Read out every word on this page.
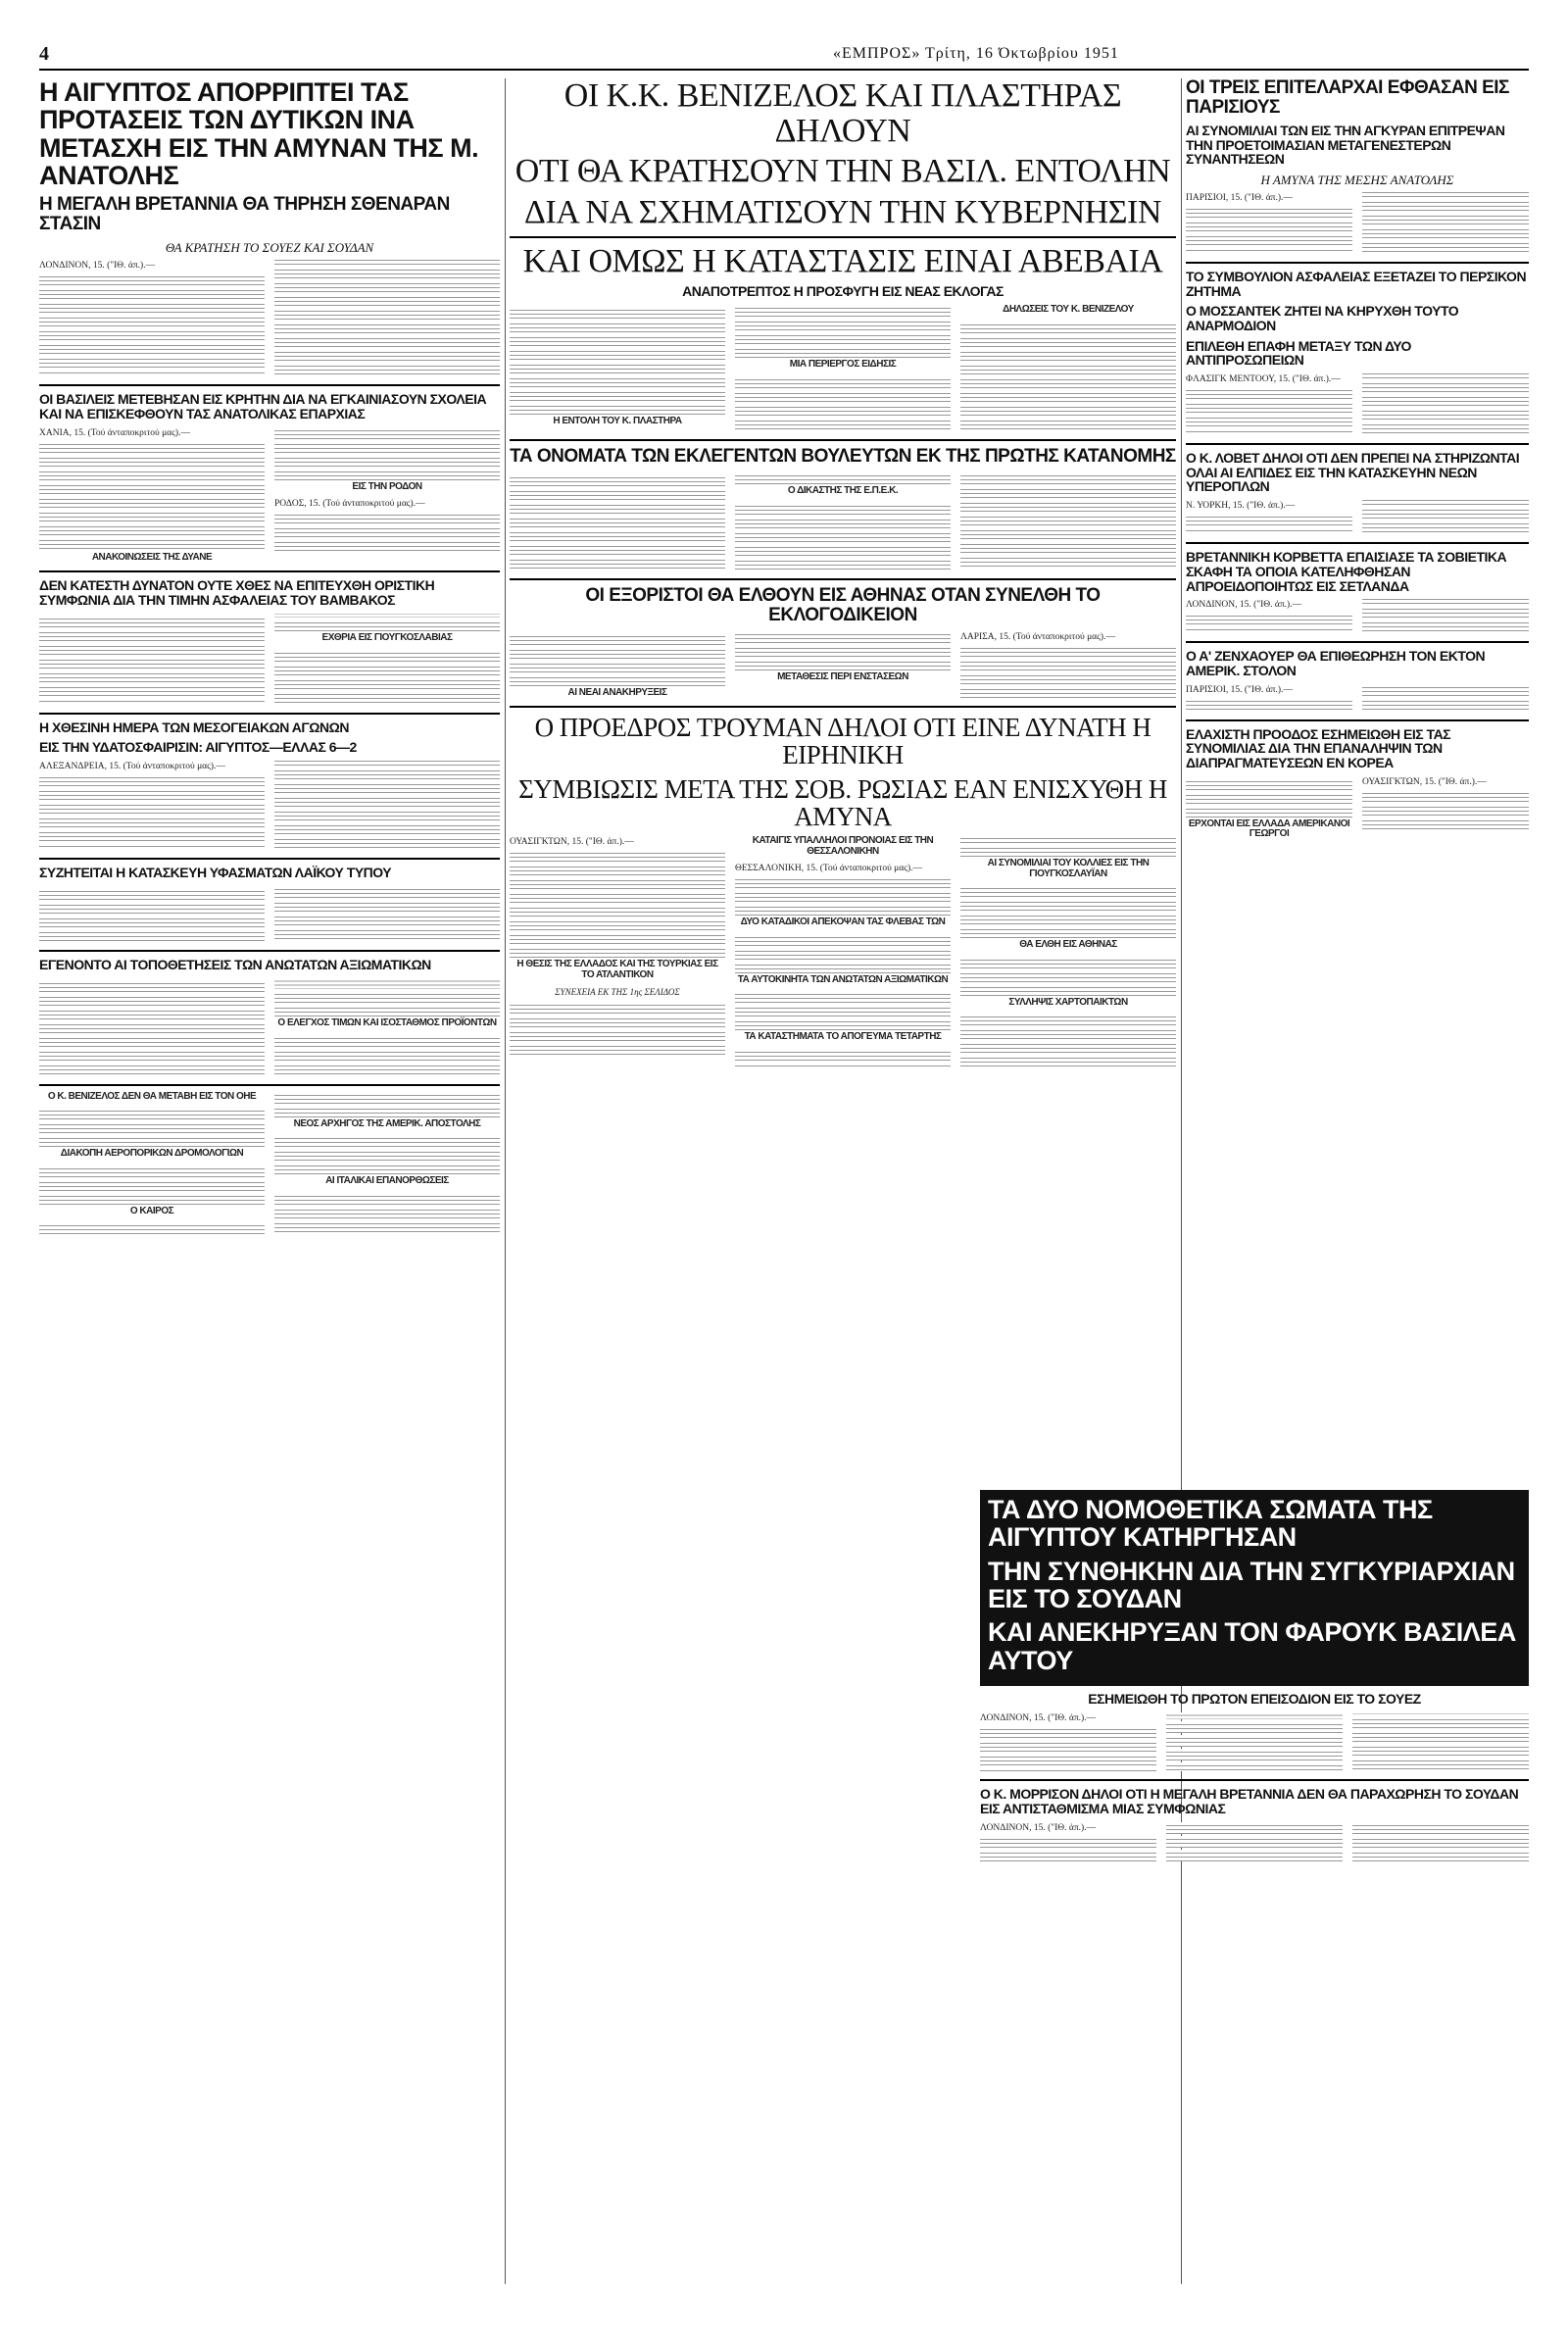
4	«ΕΜΠΡΟΣ» Τρίτη, 16 Όκτωβρίου 1951
Η ΑΙΓΥΠΤΟΣ ΑΠΟΡΡΙΠΤΕΙ ΤΑΣ ΠΡΟΤΑΣΕΙΣ ΤΩΝ ΔΥΤΙΚΩΝ ΙΝΑ ΜΕΤΑΣΧΗ ΕΙΣ ΤΗΝ ΑΜΥΝΑΝ ΤΗΣ Μ. ΑΝΑΤΟΛΗΣ
Η ΜΕΓΑΛΗ ΒΡΕΤΑΝΝΙΑ ΘΑ ΤΗΡΗΣΗ ΣΘΕΝΑΡΑΝ ΣΤΑΣΙΝ
ΘΑ ΚΡΑΤΗΣΗ ΤΟ ΣΟΥΕΖ ΚΑΙ ΣΟΥΔΑΝ
ΛΟΝΔΙΝΟΝ, 15. ("ΙΘ. άπ.).—
ΟΙ ΒΑΣΙΛΕΙΣ ΜΕΤΕΒΗΣΑΝ ΕΙΣ ΚΡΗΤΗΝ ΔΙΑ ΝΑ ΕΓΚΑΙΝΙΑΣΟΥΝ ΣΧΟΛΕΙΑ ΚΑΙ ΝΑ ΕΠΙΣΚΕΦΘΟΥΝ ΤΑΣ ΑΝΑΤΟΛΙΚΑΣ ΕΠΑΡΧΙΑΣ
ΧΑΝΙΑ, 15. (Τού άνταποκριτού μας).—
ΑΝΑΚΟΙΝΩΣΕΙΣ ΤΗΣ ΔΥΑΝΕ
ΕΙΣ ΤΗΝ ΡΟΔΟΝ
ΡΟΔΟΣ, 15. (Τού άνταποκριτού μας).—
ΔΕΝ ΚΑΤΕΣΤΗ ΔΥΝΑΤΟΝ ΟΥΤΕ ΧΘΕΣ ΝΑ ΕΠΙΤΕΥΧΘΗ ΟΡΙΣΤΙΚΗ ΣΥΜΦΩΝΙΑ ΔΙΑ ΤΗΝ ΤΙΜΗΝ ΑΣΦΑΛΕΙΑΣ ΤΟΥ ΒΑΜΒΑΚΟΣ
ΕΧΘΡΙΑ ΕΙΣ ΓΙΟΥΓΚΟΣΛΑΒΙΑΣ
Η ΧΘΕΣΙΝΗ ΗΜΕΡΑ ΤΩΝ ΜΕΣΟΓΕΙΑΚΩΝ ΑΓΩΝΩΝ
ΕΙΣ ΤΗΝ ΥΔΑΤΟΣΦΑΙΡΙΣΙΝ: ΑΙΓΥΠΤΟΣ—ΕΛΛΑΣ 6—2
ΑΛΕΞΑΝΔΡΕΙΑ, 15. (Τού άνταποκριτού μας).—
ΣΥΖΗΤΕΙΤΑΙ Η ΚΑΤΑΣΚΕΥΗ ΥΦΑΣΜΑΤΩΝ ΛΑΪΚΟΥ ΤΥΠΟΥ
ΕΓΕΝΟΝΤΟ ΑΙ ΤΟΠΟΘΕΤΗΣΕΙΣ ΤΩΝ ΑΝΩΤΑΤΩΝ ΑΞΙΩΜΑΤΙΚΩΝ
Ο ΕΛΕΓΧΟΣ ΤΙΜΩΝ ΚΑΙ ΙΣΟΣΤΑΘΜΟΣ ΠΡΟΪΟΝΤΩΝ
Ο Κ. ΒΕΝΙΖΕΛΟΣ ΔΕΝ ΘΑ ΜΕΤΑΒΗ ΕΙΣ ΤΟΝ ΟΗΕ
ΔΙΑΚΟΠΗ ΑΕΡΟΠΟΡΙΚΩΝ ΔΡΟΜΟΛΟΓΙΩΝ
Ο ΚΑΙΡΟΣ
ΝΕΟΣ ΑΡΧΗΓΟΣ ΤΗΣ ΑΜΕΡΙΚ. ΑΠΟΣΤΟΛΗΣ
ΑΙ ΙΤΑΛΙΚΑΙ ΕΠΑΝΟΡΘΩΣΕΙΣ
ΟΙ Κ.Κ. ΒΕΝΙΖΕΛΟΣ ΚΑΙ ΠΛΑΣΤΗΡΑΣ ΔΗΛΟΥΝ
ΟΤΙ ΘΑ ΚΡΑΤΗΣΟΥΝ ΤΗΝ ΒΑΣΙΛ. ΕΝΤΟΛΗΝ
ΔΙΑ ΝΑ ΣΧΗΜΑΤΙΣΟΥΝ ΤΗΝ ΚΥΒΕΡΝΗΣΙΝ
ΚΑΙ ΟΜΩΣ Η ΚΑΤΑΣΤΑΣΙΣ ΕΙΝΑΙ ΑΒΕΒΑΙΑ
ΑΝΑΠΟΤΡΕΠΤΟΣ Η ΠΡΟΣΦΥΓΗ ΕΙΣ ΝΕΑΣ ΕΚΛΟΓΑΣ
Η ΕΝΤΟΛΗ ΤΟΥ Κ. ΠΛΑΣΤΗΡΑ
ΜΙΑ ΠΕΡΙΕΡΓΟΣ ΕΙΔΗΣΙΣ
ΔΗΛΩΣΕΙΣ ΤΟΥ Κ. ΒΕΝΙΖΕΛΟΥ
ΤΑ ΟΝΟΜΑΤΑ ΤΩΝ ΕΚΛΕΓΕΝΤΩΝ ΒΟΥΛΕΥΤΩΝ ΕΚ ΤΗΣ ΠΡΩΤΗΣ ΚΑΤΑΝΟΜΗΣ
Ο ΔΙΚΑΣΤΗΣ ΤΗΣ Ε.Π.Ε.Κ.
ΟΙ ΕΞΟΡΙΣΤΟΙ ΘΑ ΕΛΘΟΥΝ ΕΙΣ ΑΘΗΝΑΣ ΟΤΑΝ ΣΥΝΕΛΘΗ ΤΟ ΕΚΛΟΓΟΔΙΚΕΙΟΝ
ΑΙ ΝΕΑΙ ΑΝΑΚΗΡΥΞΕΙΣ
ΜΕΤΑΘΕΣΙΣ ΠΕΡΙ ΕΝΣΤΑΣΕΩΝ
ΛΑΡΙΣΑ, 15. (Τού άνταποκριτού μας).—
Ο ΠΡΟΕΔΡΟΣ ΤΡΟΥΜΑΝ ΔΗΛΟΙ ΟΤΙ ΕΙΝΕ ΔΥΝΑΤΗ Η ΕΙΡΗΝΙΚΗ
ΣΥΜΒΙΩΣΙΣ ΜΕΤΑ ΤΗΣ ΣΟΒ. ΡΩΣΙΑΣ ΕΑΝ ΕΝΙΣΧΥΘΗ Η ΑΜΥΝΑ
ΟΥΑΣΙΓΚΤΩΝ, 15. ("ΙΘ. άπ.).—
Η ΘΕΣΙΣ ΤΗΣ ΕΛΛΑΔΟΣ ΚΑΙ ΤΗΣ ΤΟΥΡΚΙΑΣ ΕΙΣ ΤΟ ΑΤΛΑΝΤΙΚΟΝ
ΣΥΝΕΧΕΙΑ ΕΚ ΤΗΣ 1ης ΣΕΛΙΔΟΣ
ΚΑΤΑΙΓΙΣ ΥΠΑΛΛΗΛΟΙ ΠΡΟΝΟΙΑΣ ΕΙΣ ΤΗΝ ΘΕΣΣΑΛΟΝΙΚΗΝ
ΘΕΣΣΑΛΟΝΙΚΗ, 15. (Τού άνταποκριτού μας).—
ΔΥΟ ΚΑΤΑΔΙΚΟΙ ΑΠΕΚΟΨΑΝ ΤΑΣ ΦΛΕΒΑΣ ΤΩΝ
ΤΑ ΑΥΤΟΚΙΝΗΤΑ ΤΩΝ ΑΝΩΤΑΤΩΝ ΑΞΙΩΜΑΤΙΚΩΝ
ΤΑ ΚΑΤΑΣΤΗΜΑΤΑ ΤΟ ΑΠΟΓΕΥΜΑ ΤΕΤΑΡΤΗΣ
ΑΙ ΣΥΝΟΜΙΛΙΑΙ ΤΟΥ ΚΟΛΛΙΕΣ ΕΙΣ ΤΗΝ ΓΙΟΥΓΚΟΣΛΑΥΪΑΝ
ΘΑ ΕΛΘΗ ΕΙΣ ΑΘΗΝΑΣ
ΣΥΛΛΗΨΙΣ ΧΑΡΤΟΠΑΙΚΤΩΝ
ΟΙ ΤΡΕΙΣ ΕΠΙΤΕΛΑΡΧΑΙ ΕΦΘΑΣΑΝ ΕΙΣ ΠΑΡΙΣΙΟΥΣ
ΑΙ ΣΥΝΟΜΙΛΙΑΙ ΤΩΝ ΕΙΣ ΤΗΝ ΑΓΚΥΡΑΝ ΕΠΙΤΡΕΨΑΝ ΤΗΝ ΠΡΟΕΤΟΙΜΑΣΙΑΝ ΜΕΤΑΓΕΝΕΣΤΕΡΩΝ ΣΥΝΑΝΤΗΣΕΩΝ
Η ΑΜΥΝΑ ΤΗΣ ΜΕΣΗΣ ΑΝΑΤΟΛΗΣ
ΠΑΡΙΣΙΟΙ, 15. ("ΙΘ. άπ.).—
ΤΟ ΣΥΜΒΟΥΛΙΟΝ ΑΣΦΑΛΕΙΑΣ ΕΞΕΤΑΖΕΙ ΤΟ ΠΕΡΣΙΚΟΝ ΖΗΤΗΜΑ
Ο ΜΟΣΣΑΝΤΕΚ ΖΗΤΕΙ ΝΑ ΚΗΡΥΧΘΗ ΤΟΥΤΟ ΑΝΑΡΜΟΔΙΟΝ
ΕΠΙΛΕΘΗ ΕΠΑΦΗ ΜΕΤΑΞΥ ΤΩΝ ΔΥΟ ΑΝΤΙΠΡΟΣΩΠΕΙΩΝ
ΦΛΑΣΙΓΚ ΜΕΝΤΟΟΥ, 15. ("ΙΘ. άπ.).—
Ο Κ. ΛΟΒΕΤ ΔΗΛΟΙ ΟΤΙ ΔΕΝ ΠΡΕΠΕΙ ΝΑ ΣΤΗΡΙΖΩΝΤΑΙ ΟΛΑΙ ΑΙ ΕΛΠΙΔΕΣ ΕΙΣ ΤΗΝ ΚΑΤΑΣΚΕΥΗΝ ΝΕΩΝ ΥΠΕΡΟΠΛΩΝ
Ν. ΥΟΡΚΗ, 15. ("ΙΘ. άπ.).—
ΒΡΕΤΑΝΝΙΚΗ ΚΟΡΒΕΤΤΑ ΕΠΑΙΣΙΑΣΕ ΤΑ ΣΟΒΙΕΤΙΚΑ ΣΚΑΦΗ ΤΑ ΟΠΟΙΑ ΚΑΤΕΛΗΦΘΗΣΑΝ ΑΠΡΟΕΙΔΟΠΟΙΗΤΩΣ ΕΙΣ ΣΕΤΛΑΝΔΑ
ΛΟΝΔΙΝΟΝ, 15. ("ΙΘ. άπ.).—
Ο Α' ΖΕΝΧΑΟΥΕΡ ΘΑ ΕΠΙΘΕΩΡΗΣΗ ΤΟΝ ΕΚΤΟΝ ΑΜΕΡΙΚ. ΣΤΟΛΟΝ
ΠΑΡΙΣΙΟΙ, 15. ("ΙΘ. άπ.).—
ΕΛΑΧΙΣΤΗ ΠΡΟΟΔΟΣ ΕΣΗΜΕΙΩΘΗ ΕΙΣ ΤΑΣ ΣΥΝΟΜΙΛΙΑΣ ΔΙΑ ΤΗΝ ΕΠΑΝΑΛΗΨΙΝ ΤΩΝ ΔΙΑΠΡΑΓΜΑΤΕΥΣΕΩΝ ΕΝ ΚΟΡΕΑ
ΕΡΧΟΝΤΑΙ ΕΙΣ ΕΛΛΑΔΑ ΑΜΕΡΙΚΑΝΟΙ ΓΕΩΡΓΟΙ
ΟΥΑΣΙΓΚΤΩΝ, 15. ("ΙΘ. άπ.).—
ΤΑ ΔΥΟ ΝΟΜΟΘΕΤΙΚΑ ΣΩΜΑΤΑ ΤΗΣ ΑΙΓΥΠΤΟΥ ΚΑΤΗΡΓΗΣΑΝ
ΤΗΝ ΣΥΝΘΗΚΗΝ ΔΙΑ ΤΗΝ ΣΥΓΚΥΡΙΑΡΧΙΑΝ ΕΙΣ ΤΟ ΣΟΥΔΑΝ
ΚΑΙ ΑΝΕΚΗΡΥΞΑΝ ΤΟΝ ΦΑΡΟΥΚ ΒΑΣΙΛΕΑ ΑΥΤΟΥ
ΕΣΗΜΕΙΩΘΗ ΤΟ ΠΡΩΤΟΝ ΕΠΕΙΣΟΔΙΟΝ ΕΙΣ ΤΟ ΣΟΥΕΖ
ΛΟΝΔΙΝΟΝ, 15. ("ΙΘ. άπ.).—
Ο Κ. ΜΟΡΡΙΣΟΝ ΔΗΛΟΙ ΟΤΙ Η ΜΕΓΑΛΗ ΒΡΕΤΑΝΝΙΑ ΔΕΝ ΘΑ ΠΑΡΑΧΩΡΗΣΗ ΤΟ ΣΟΥΔΑΝ ΕΙΣ ΑΝΤΙΣΤΑΘΜΙΣΜΑ ΜΙΑΣ ΣΥΜΦΩΝΙΑΣ
ΛΟΝΔΙΝΟΝ, 15. ("ΙΘ. άπ.).—
